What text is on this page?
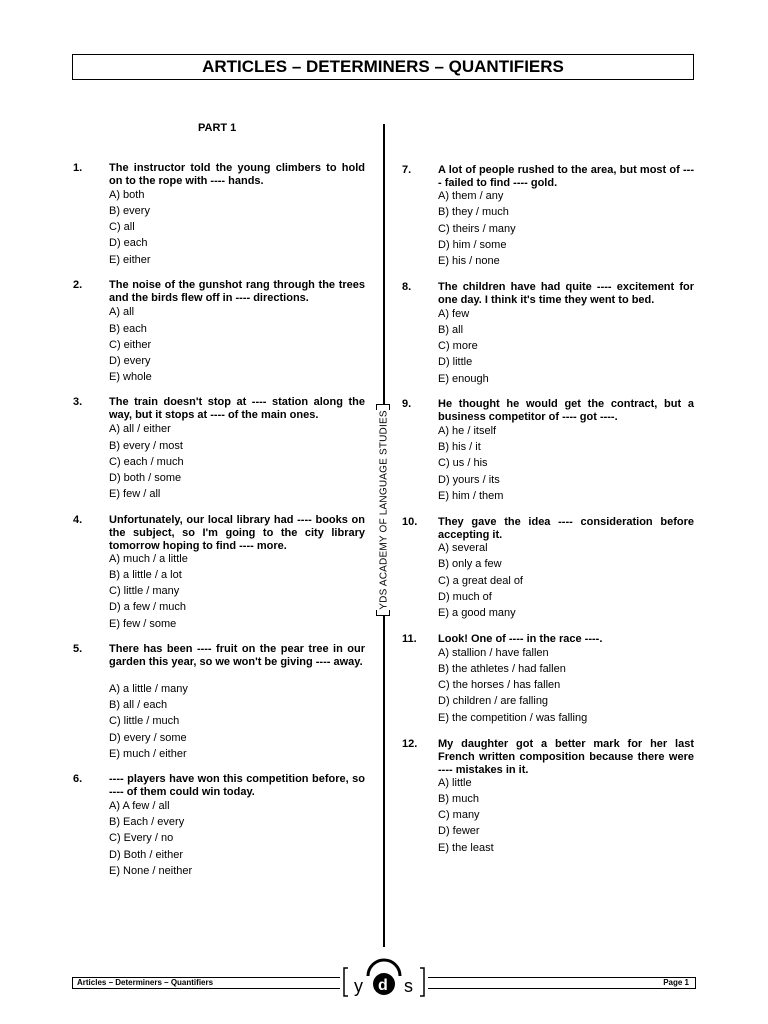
ARTICLES – DETERMINERS – QUANTIFIERS
PART 1
YDS ACADEMY OF LANGUAGE STUDIES
1. The instructor told the young climbers to hold on to the rope with ---- hands.
A) both
B) every
C) all
D) each
E) either
2. The noise of the gunshot rang through the trees and the birds flew off in ---- directions.
A) all
B) each
C) either
D) every
E) whole
3. The train doesn't stop at ---- station along the way, but it stops at ---- of the main ones.
A) all / either
B) every / most
C) each / much
D) both / some
E) few / all
4. Unfortunately, our local library had ---- books on the subject, so I'm going to the city library tomorrow hoping to find ---- more.
A) much / a little
B) a little / a lot
C) little / many
D) a few / much
E) few / some
5. There has been ---- fruit on the pear tree in our garden this year, so we won't be giving ---- away.
A) a little / many
B) all / each
C) little / much
D) every / some
E) much / either
6. ---- players have won this competition before, so ---- of them could win today.
A) A few / all
B) Each / every
C) Every / no
D) Both / either
E) None / neither
7. A lot of people rushed to the area, but most of ---- failed to find ---- gold.
A) them / any
B) they / much
C) theirs / many
D) him / some
E) his / none
8. The children have had quite ---- excitement for one day. I think it's time they went to bed.
A) few
B) all
C) more
D) little
E) enough
9. He thought he would get the contract, but a business competitor of ---- got ----.
A) he / itself
B) his / it
C) us / his
D) yours / its
E) him / them
10. They gave the idea ---- consideration before accepting it.
A) several
B) only a few
C) a great deal of
D) much of
E) a good many
11. Look! One of ---- in the race ----.
A) stallion / have fallen
B) the athletes / had fallen
C) the horses / has fallen
D) children / are falling
E) the competition / was falling
12. My daughter got a better mark for her last French written composition because there were ---- mistakes in it.
A) little
B) much
C) many
D) fewer
E) the least
Articles – Determiners – Quantifiers	Page 1
y d s
